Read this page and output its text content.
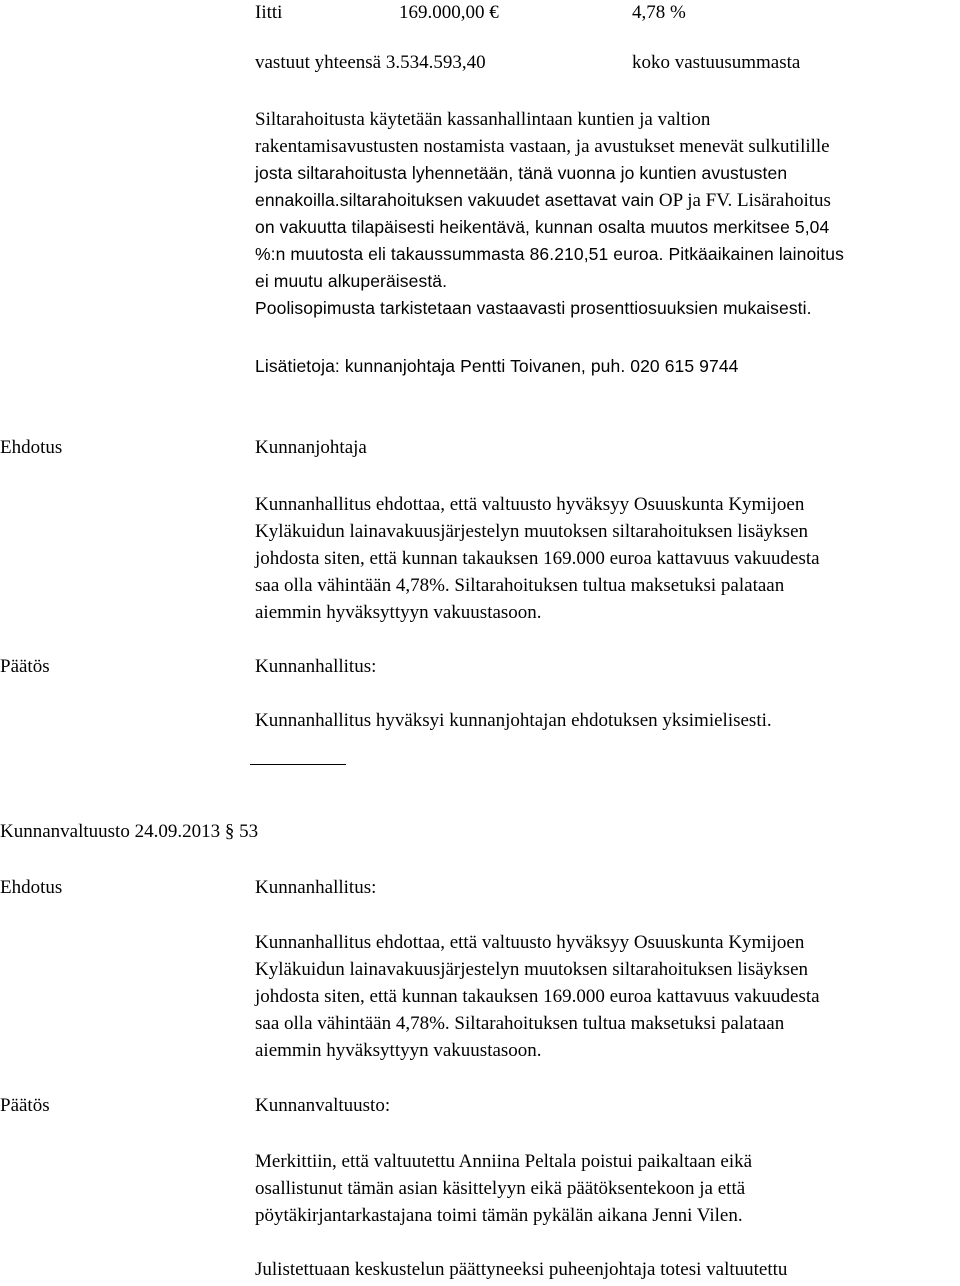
Iitti	169.000,00 €	4,78 %
vastuut yhteensä 3.534.593,40	koko vastuusummasta
Siltarahoitusta käytetään kassanhallintaan kuntien ja valtion
rakentamisavustusten nostamista vastaan, ja avustukset menevät sulkutilille
josta siltarahoitusta lyhennetään, tänä vuonna jo kuntien avustusten
ennakoilla.siltarahoituksen vakuudet asettavat vain OP ja FV. Lisärahoitus
on vakuutta tilapäisesti heikentävä, kunnan osalta muutos merkitsee 5,04
%:n muutosta eli takaussummasta 86.210,51 euroa. Pitkäaikainen lainoitus
ei muutu alkuperäisestä.
Poolisopimusta tarkistetaan vastaavasti prosenttiosuuksien mukaisesti.
Lisätietoja: kunnanjohtaja Pentti Toivanen, puh. 020 615 9744
Ehdotus	Kunnanjohtaja
Kunnanhallitus ehdottaa, että valtuusto hyväksyy Osuuskunta Kymijoen
Kyläkuidun lainavakuusjärjestelyn muutoksen siltarahoituksen lisäyksen
johdosta siten, että kunnan takauksen 169.000 euroa kattavuus vakuudesta
saa olla vähintään 4,78%. Siltarahoituksen tultua maksetuksi palataan
aiemmin hyväksyttyyn vakuustasoon.
Päätös	Kunnanhallitus:
Kunnanhallitus hyväksyi kunnanjohtajan ehdotuksen yksimielisesti.
Kunnanvaltuusto 24.09.2013 § 53
Ehdotus	Kunnanhallitus:
Kunnanhallitus ehdottaa, että valtuusto hyväksyy Osuuskunta Kymijoen
Kyläkuidun lainavakuusjärjestelyn muutoksen siltarahoituksen lisäyksen
johdosta siten, että kunnan takauksen 169.000 euroa kattavuus vakuudesta
saa olla vähintään 4,78%. Siltarahoituksen tultua maksetuksi palataan
aiemmin hyväksyttyyn vakuustasoon.
Päätös	Kunnanvaltuusto:
Merkittiin, että valtuutettu Anniina Peltala poistui paikaltaan eikä
osallistunut tämän asian käsittelyyn eikä päätöksentekoon ja että
pöytäkirjantarkastajana toimi tämän pykälän aikana Jenni Vilen.
Julistettuaan keskustelun päättyneeksi puheenjohtaja totesi valtuutettu
